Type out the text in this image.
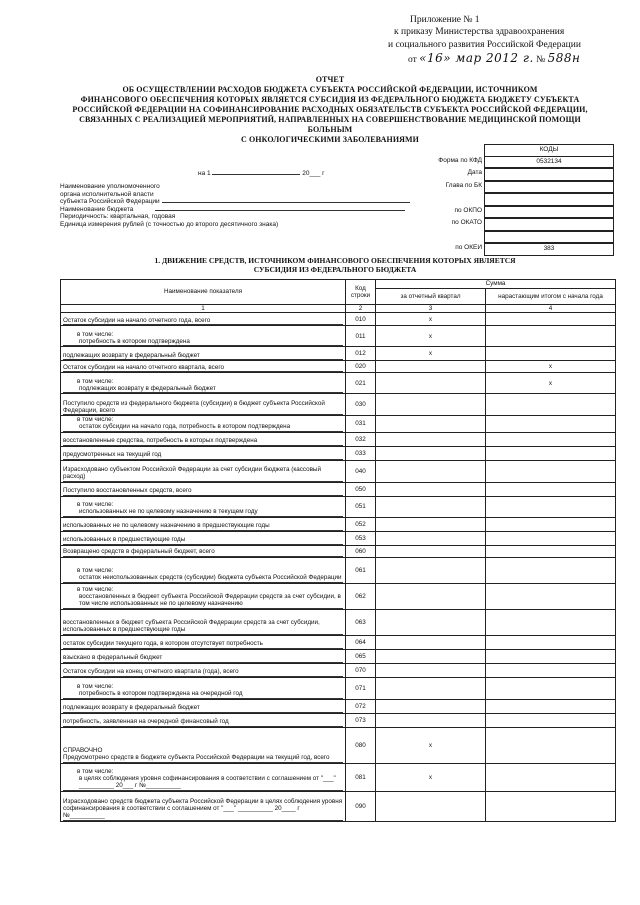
Приложение № 1
к приказу Министерства здравоохранения
и социального развития Российской Федерации
от «16» мар 2012 г. № 588н
ОТЧЕТ
ОБ ОСУЩЕСТВЛЕНИИ РАСХОДОВ БЮДЖЕТА СУБЪЕКТА РОССИЙСКОЙ ФЕДЕРАЦИИ, ИСТОЧНИКОМ
ФИНАНСОВОГО ОБЕСПЕЧЕНИЯ КОТОРЫХ ЯВЛЯЕТСЯ СУБСИДИЯ ИЗ ФЕДЕРАЛЬНОГО БЮДЖЕТА БЮДЖЕТУ СУБЪЕКТА
РОССИЙСКОЙ ФЕДЕРАЦИИ НА СОФИНАНСИРОВАНИЕ РАСХОДНЫХ ОБЯЗАТЕЛЬСТВ СУБЪЕКТА РОССИЙСКОЙ ФЕДЕРАЦИИ,
СВЯЗАННЫХ С РЕАЛИЗАЦИЕЙ МЕРОПРИЯТИЙ, НАПРАВЛЕННЫХ НА СОВЕРШЕНСТВОВАНИЕ МЕДИЦИНСКОЙ ПОМОЩИ БОЛЬНЫМ
С ОНКОЛОГИЧЕСКИМИ ЗАБОЛЕВАНИЯМИ
КОДЫ
Форма по КФД	0532134
Дата
Глава по БК
по ОКПО
по ОКАТО
по ОКЕИ	383
на 1	20___ г
Наименование уполномоченного
органа исполнительной власти
субъекта Российской Федерации
Наименование бюджета
Периодичность: квартальная, годовая
Единица измерения рублей (с точностью до второго десятичного знака)
1. ДВИЖЕНИЕ СРЕДСТВ, ИСТОЧНИКОМ ФИНАНСОВОГО ОБЕСПЕЧЕНИЯ КОТОРЫХ ЯВЛЯЕТСЯ
СУБСИДИЯ ИЗ ФЕДЕРАЛЬНОГО БЮДЖЕТА
Наименование показателя	Код строки	Сумма	
		за отчетный квартал	нарастающим итогом с начала года
1	2	3	4

Остаток субсидии на начало отчетного года, всего	010	x	

в том числе:
потребность в котором подтверждена	011	x	

подлежащих возврату в федеральный бюджет	012	x	

Остаток субсидии на начало отчетного квартала, всего	020		x

в том числе:
подлежащих возврату в федеральный бюджет	021		x

Поступило средств из федерального бюджета (субсидии) в бюджет субъекта Российской Федерации, всего	030		

в том числе:
остаток субсидии на начало года, потребность в котором подтверждена	031		

восстановленные средства, потребность в которых подтверждена	032		

предусмотренных на текущий год	033		

Израсходовано субъектом Российской Федерации за счет субсидии бюджета (кассовый расход)	040		

Поступило восстановленных средств, всего	050		

в том числе:
использованных не по целевому назначению в текущем году	051		

использованных не по целевому назначению в предшествующие годы	052		

использованных в предшествующие годы	053		

Возвращено средств в федеральный бюджет, всего	060		

в том числе:
остаток неиспользованных средств (субсидии) бюджета субъекта Российской Федерации	061		

в том числе:
восстановленных в бюджет субъекта Российской Федерации средств за счет субсидии, в том числе использованных не по целевому назначению	062		

восстановленных в бюджет субъекта Российской Федерации средств за счет субсидии, использованных в предшествующие годы	063		

остаток субсидии текущего года, в котором отсутствует потребность	064		

взыскано в федеральный бюджет	065		

Остаток субсидии на конец отчетного квартала (года), всего	070		

в том числе:
потребность в котором подтверждена на очередной год	071		

подлежащих возврату в федеральный бюджет	072		

потребность, заявленная на очередной финансовый год	073		

СПРАВОЧНО
Предусмотрено средств в бюджете субъекта Российской Федерации на текущий год, всего	080	x	

в том числе:
в целях соблюдения уровня софинансирования в соответствии с соглашением от "___" __________ 20___ г №__________	081	x	

Израсходовано средств бюджета субъекта Российской Федерации в целях соблюдения уровня софинансирования в соответствии с соглашением от "___" __________ 20____ г №__________	090		
